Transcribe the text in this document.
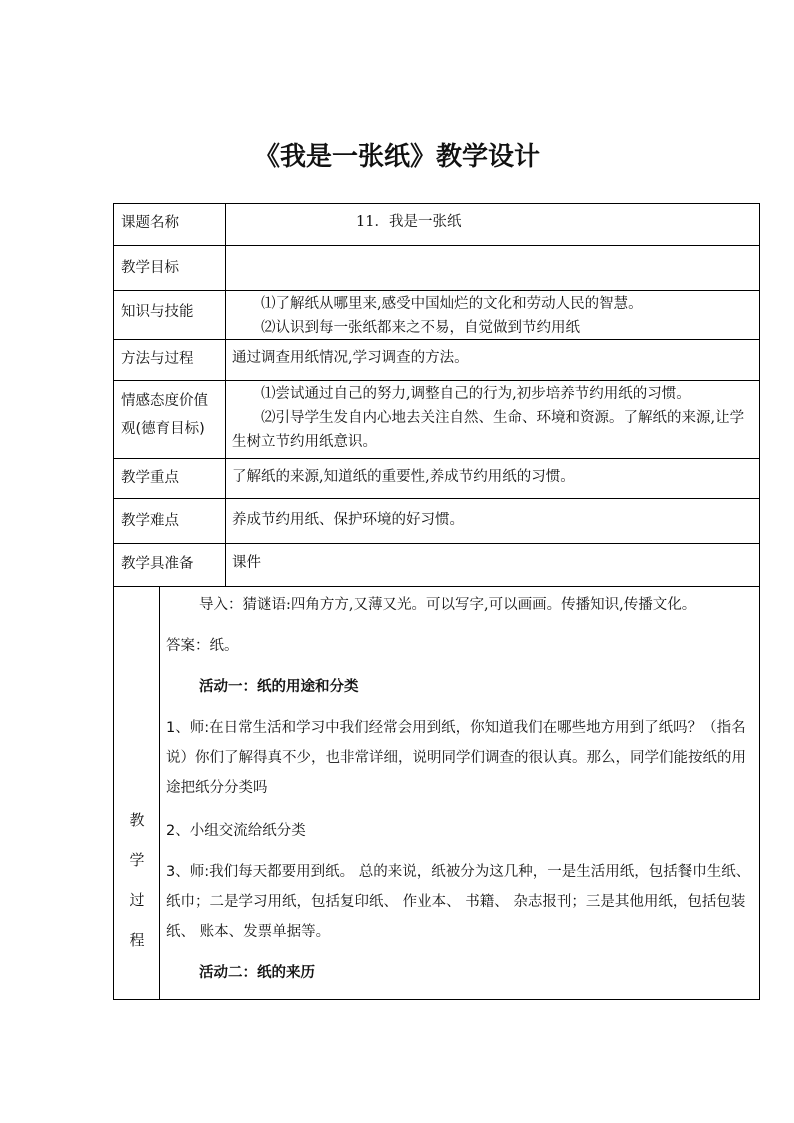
《我是一张纸》教学设计
课题名称	11．我是一张纸
教学目标
知识与技能	⑴了解纸从哪里来,感受中国灿烂的文化和劳动人民的智慧。

⑵认识到每一张纸都来之不易，自觉做到节约用纸

方法与过程	通过调查用纸情况,学习调查的方法。
情感态度价值
观(德育目标)

⑴尝试通过自己的努力,调整自己的行为,初步培养节约用纸的习惯。

⑵引导学生发自内心地去关注自然、生命、环境和资源。了解纸的来源,让学生树立节约用纸意识。

教学重点	了解纸的来源,知道纸的重要性,养成节约用纸的习惯。
教学难点	养成节约用纸、保护环境的好习惯。
教学具准备	课件
教
学
过
程

导入：猜谜语:四角方方,又薄又光。可以写字,可以画画。传播知识,传播文化。

答案：纸。

活动一：纸的用途和分类

1、师:在日常生活和学习中我们经常会用到纸，你知道我们在哪些地方用到了纸吗？（指名说）你们了解得真不少，也非常详细，说明同学们调查的很认真。那么，同学们能按纸的用途把纸分分类吗

2、小组交流给纸分类

3、师:我们每天都要用到纸。 总的来说，纸被分为这几种，一是生活用纸，包括餐巾生纸、 纸巾；二是学习用纸，包括复印纸、 作业本、 书籍、 杂志报刊；三是其他用纸，包括包装纸、 账本、发票单据等。

活动二：纸的来历
